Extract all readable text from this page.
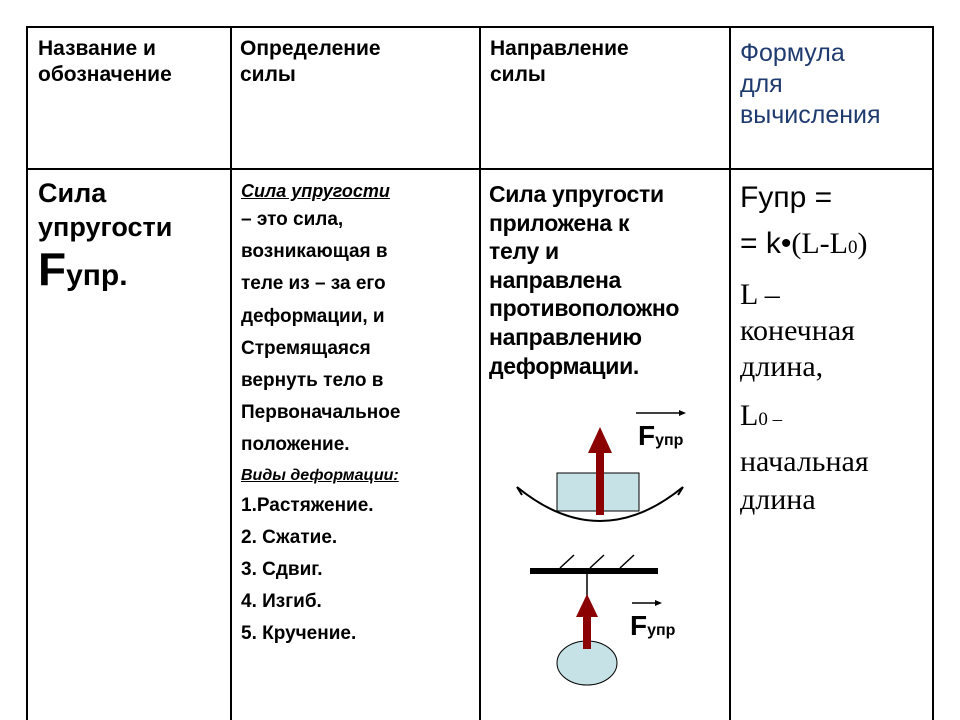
Название и
обозначение
Определение
силы
Направление
силы
Формула
для
вычисления
Сила
упругости
Fупр.
Сила упругости
– это сила,
возникающая в
теле из – за его
деформации, и
Стремящаяся
вернуть тело в
Первоначальное
положение.
Виды деформации:
1.Растяжение.
2. Сжатие.
3. Сдвиг.
4. Изгиб.
5. Кручение.
Сила упругости
приложена к
телу и
направлена
противоположно
направлению
деформации.
Fупр
Fупр
Fупр =
= k•(L-L0)
L –
конечная
длина,
L0 –
начальная
длина
